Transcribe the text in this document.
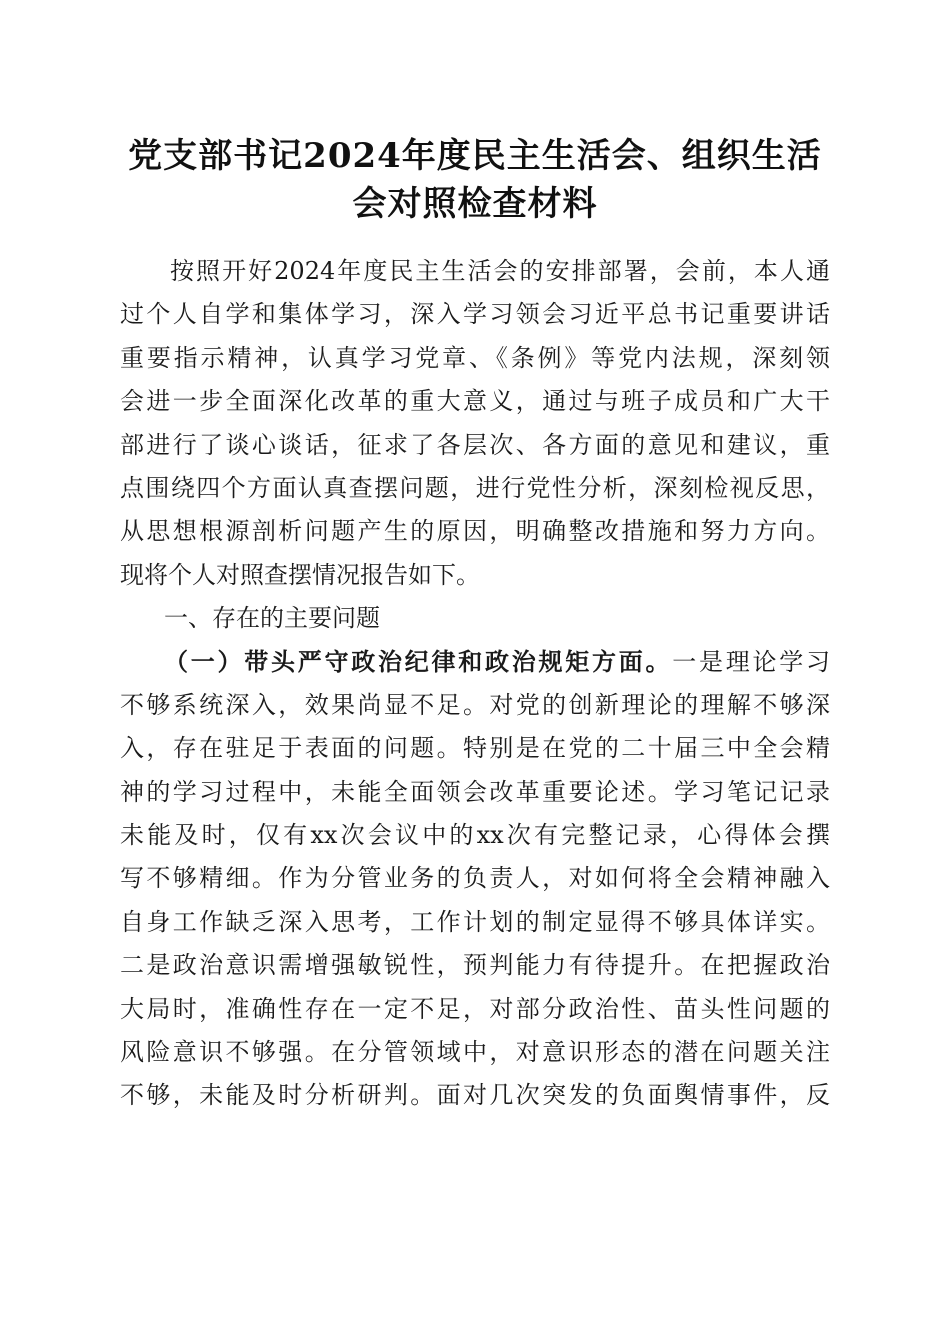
党支部书记2024年度民主生活会、组织生活
会对照检查材料
按照开好2024年度民主生活会的安排部署，会前，本人通
过个人自学和集体学习，深入学习领会习近平总书记重要讲话
重要指示精神，认真学习党章、《条例》等党内法规，深刻领
会进一步全面深化改革的重大意义，通过与班子成员和广大干
部进行了谈心谈话，征求了各层次、各方面的意见和建议，重
点围绕四个方面认真查摆问题，进行党性分析，深刻检视反思，
从思想根源剖析问题产生的原因，明确整改措施和努力方向。
现将个人对照查摆情况报告如下。
一、存在的主要问题
（一）带头严守政治纪律和政治规矩方面。一是理论学习
不够系统深入，效果尚显不足。对党的创新理论的理解不够深
入，存在驻足于表面的问题。特别是在党的二十届三中全会精
神的学习过程中，未能全面领会改革重要论述。学习笔记记录
未能及时，仅有xx次会议中的xx次有完整记录，心得体会撰
写不够精细。作为分管业务的负责人，对如何将全会精神融入
自身工作缺乏深入思考，工作计划的制定显得不够具体详实。
二是政治意识需增强敏锐性，预判能力有待提升。在把握政治
大局时，准确性存在一定不足，对部分政治性、苗头性问题的
风险意识不够强。在分管领域中，对意识形态的潜在问题关注
不够，未能及时分析研判。面对几次突发的负面舆情事件，反
